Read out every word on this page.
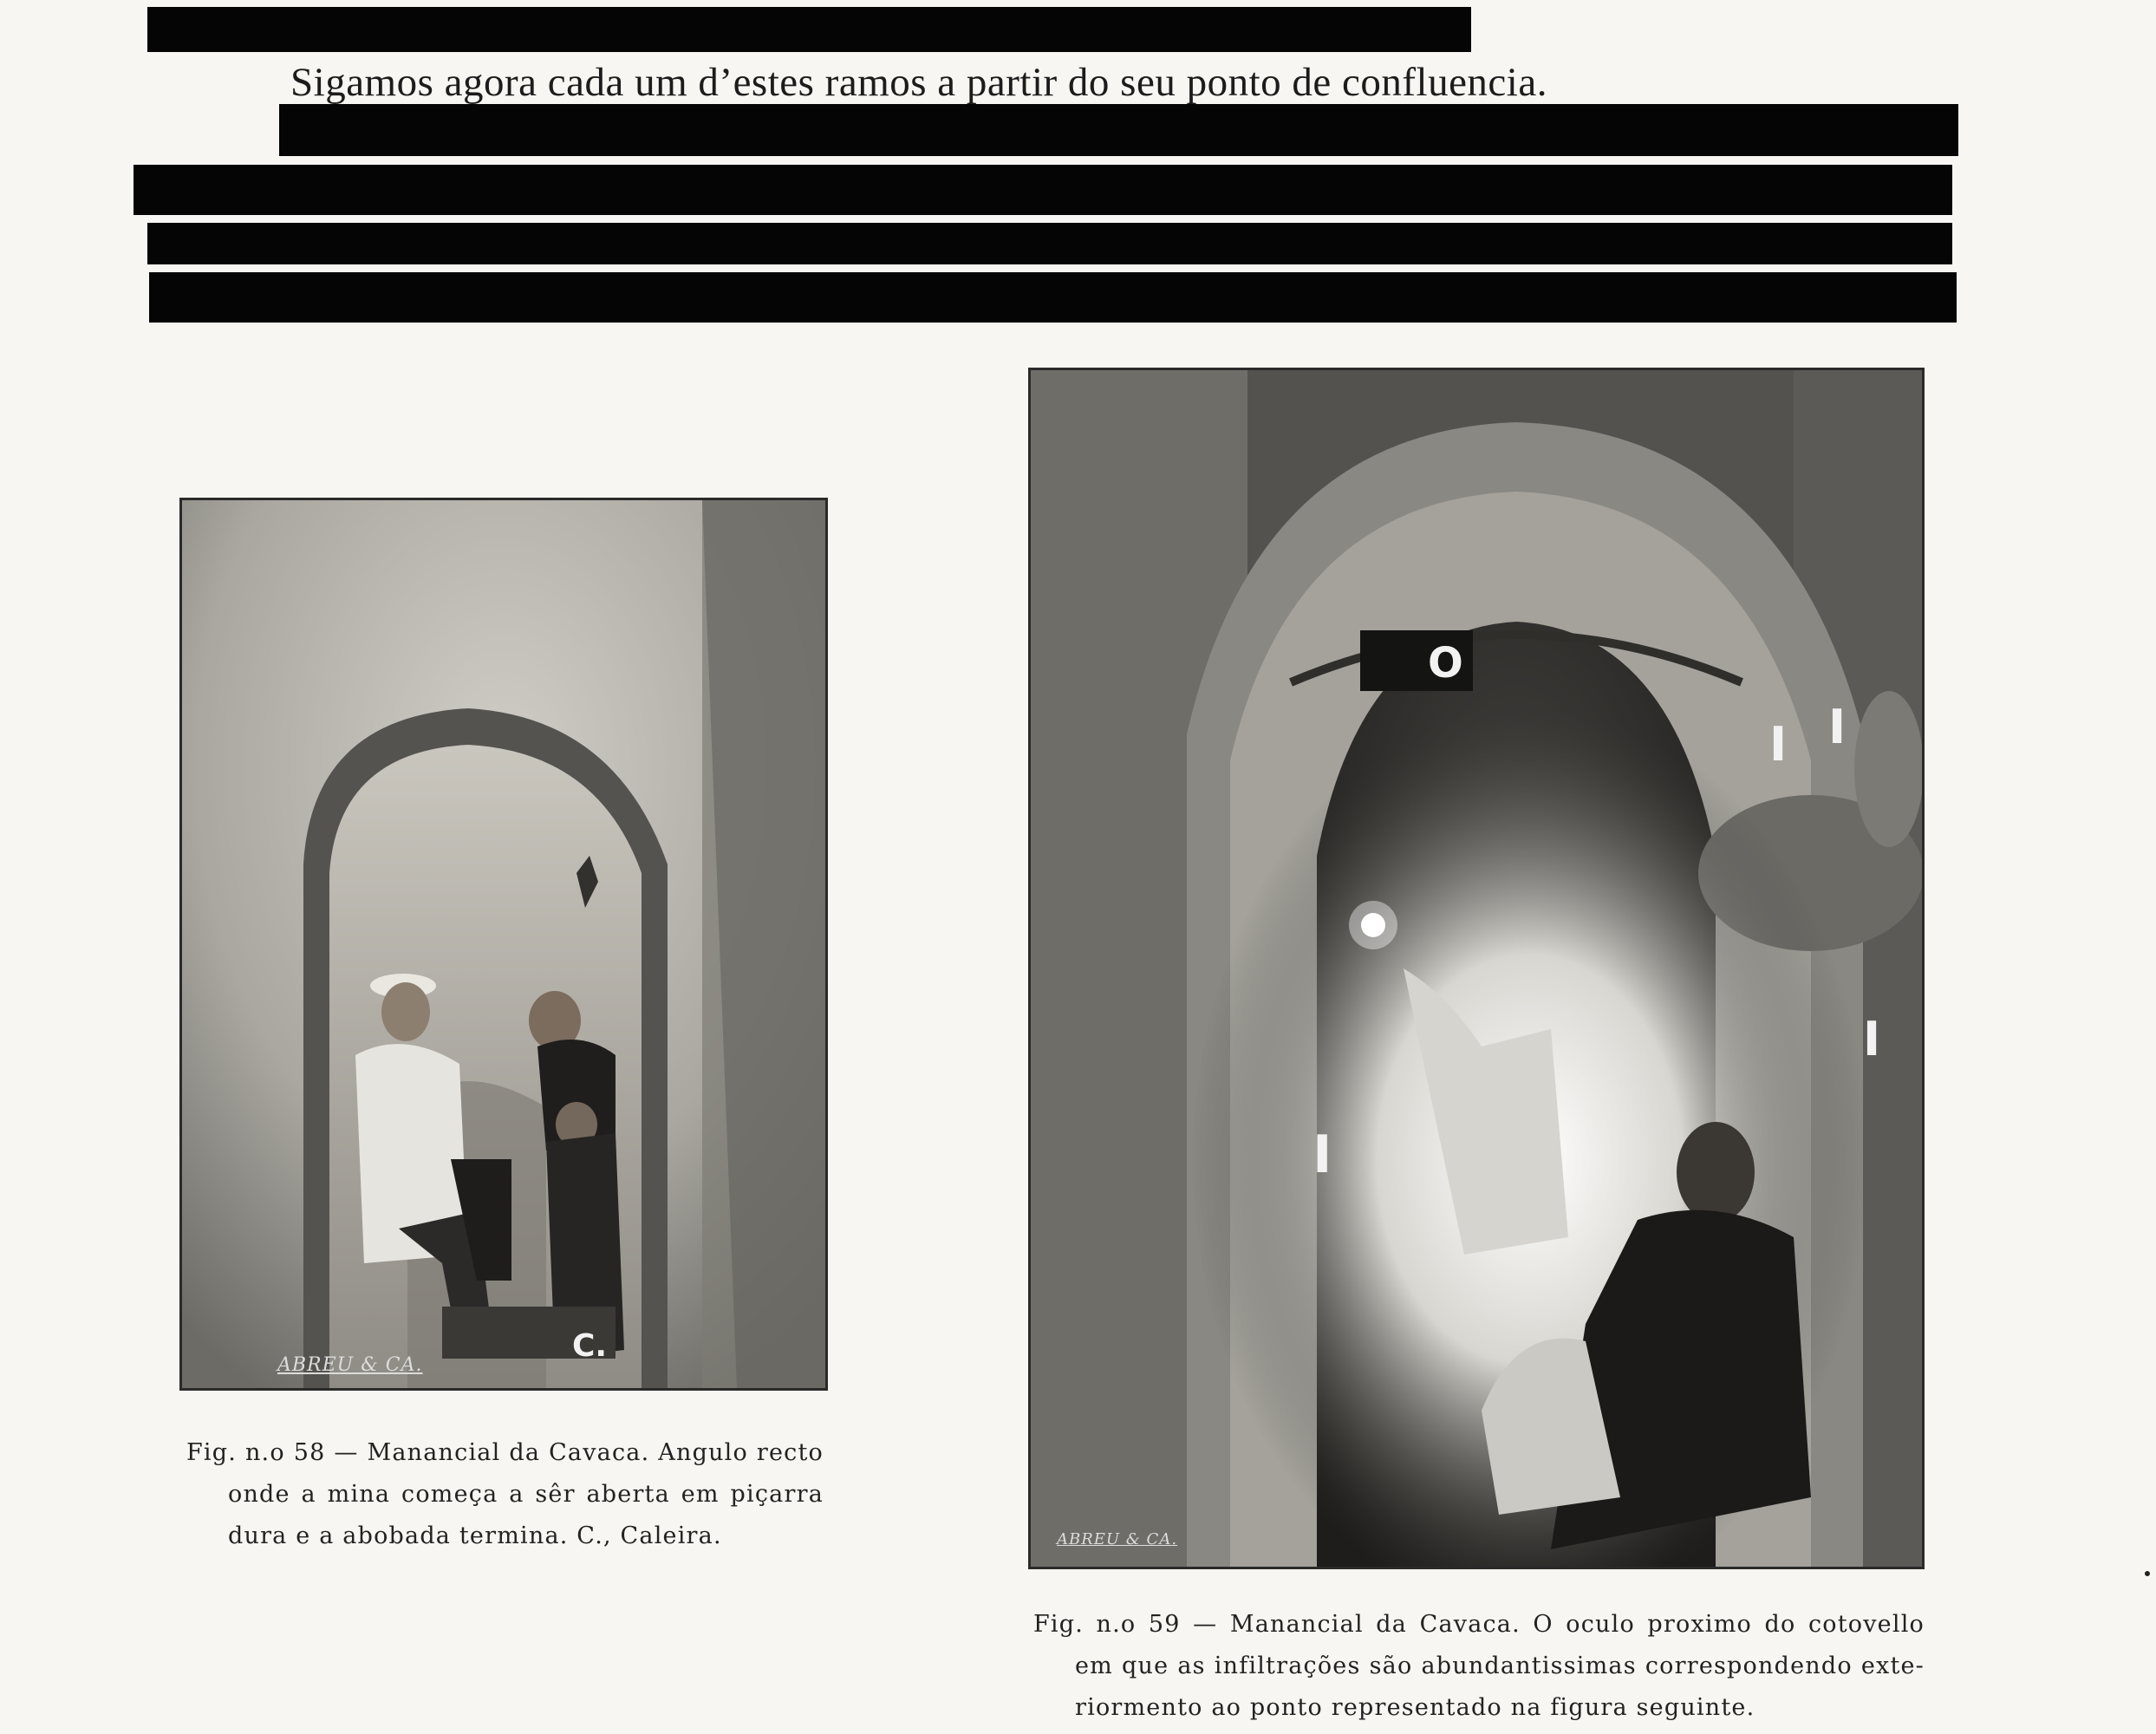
Sigamos agora cada um d’estes ramos a partir do seu ponto de confluencia.
C.
ABREU & CA.
Fig. n.o 58 — Manancial da Cavaca. Angulo recto
onde a mina começa a sêr aberta em piçarra
dura e a abobada termina. C., Caleira.
O
I I
I
I
ABREU & CA.
Fig. n.o 59 — Manancial da Cavaca. O oculo proximo do cotovello
em que as infiltrações são abundantissimas correspondendo exte-
riormento ao ponto representado na figura seguinte.
